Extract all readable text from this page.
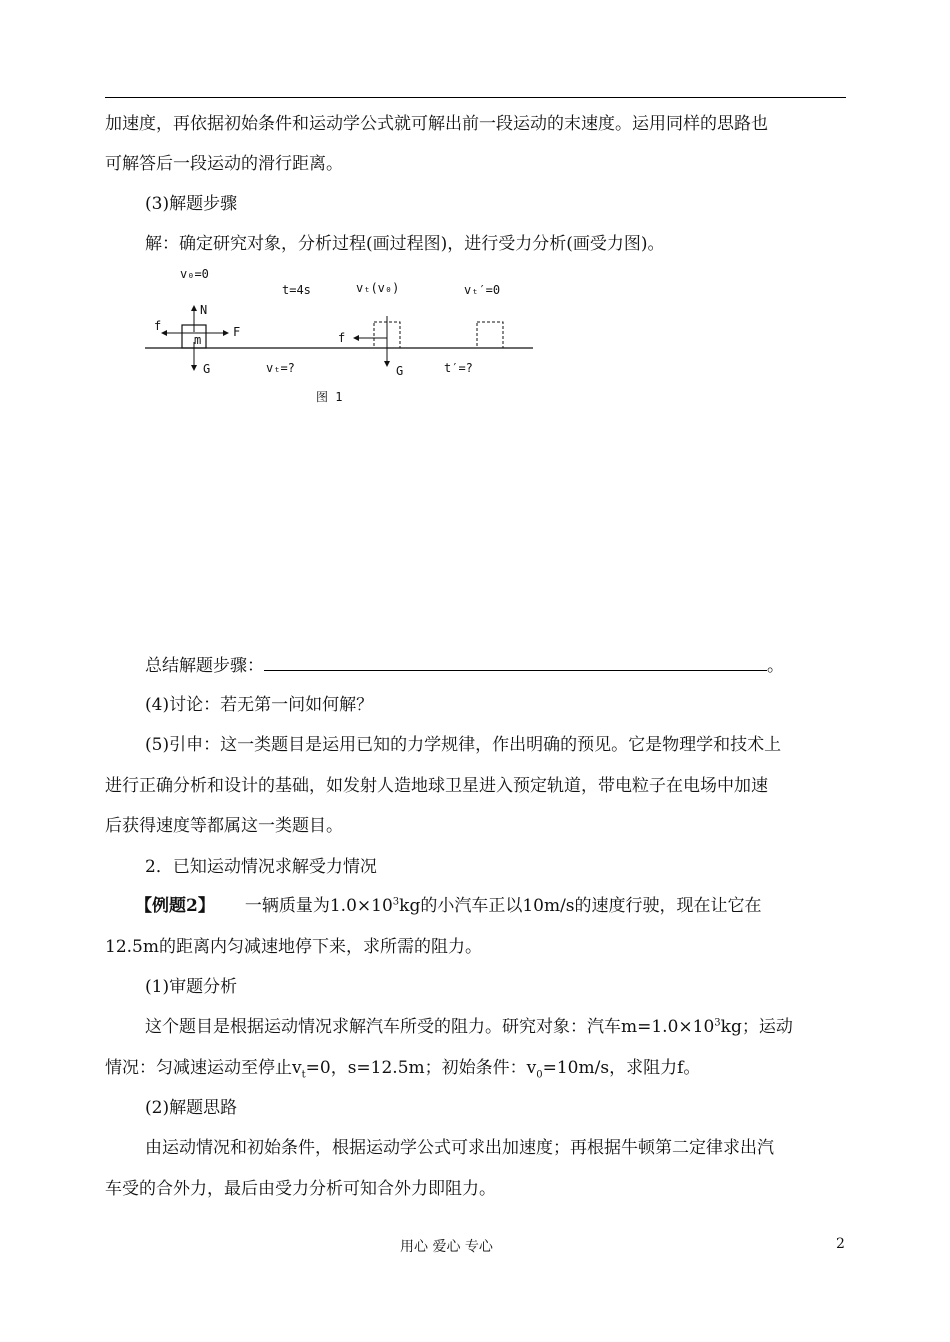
加速度，再依据初始条件和运动学公式就可解出前一段运动的末速度。运用同样的思路也
可解答后一段运动的滑行距离。
(3)解题步骤
解：确定研究对象，分析过程(画过程图)，进行受力分析(画受力图)。
v₀=0
t=4s	vₜ(v₀)	vₜ′=0
N
F
f
m
G	vₜ=?
f
G	t′=?
图 1
总结解题步骤：	。
(4)讨论：若无第一问如何解？
(5)引申：这一类题目是运用已知的力学规律，作出明确的预见。它是物理学和技术上
进行正确分析和设计的基础，如发射人造地球卫星进入预定轨道，带电粒子在电场中加速
后获得速度等都属这一类题目。
2．已知运动情况求解受力情况
【例题2】 一辆质量为$1.0\times 10^3kg$的小汽车正以10m/s的速度行驶，现在让它在
12.5m的距离内匀减速地停下来，求所需的阻力。
(1)审题分析
这个题目是根据运动情况求解汽车所受的阻力。研究对象：汽车$m=1.0\times 10^3kg$；运动
情况：匀减速运动至停止$v_t=0$，s=12.5m；初始条件：$v_0=10m/s$，求阻力f。
(2)解题思路
由运动情况和初始条件，根据运动学公式可求出加速度；再根据牛顿第二定律求出汽
车受的合外力，最后由受力分析可知合外力即阻力。
用心 爱心 专心	2
